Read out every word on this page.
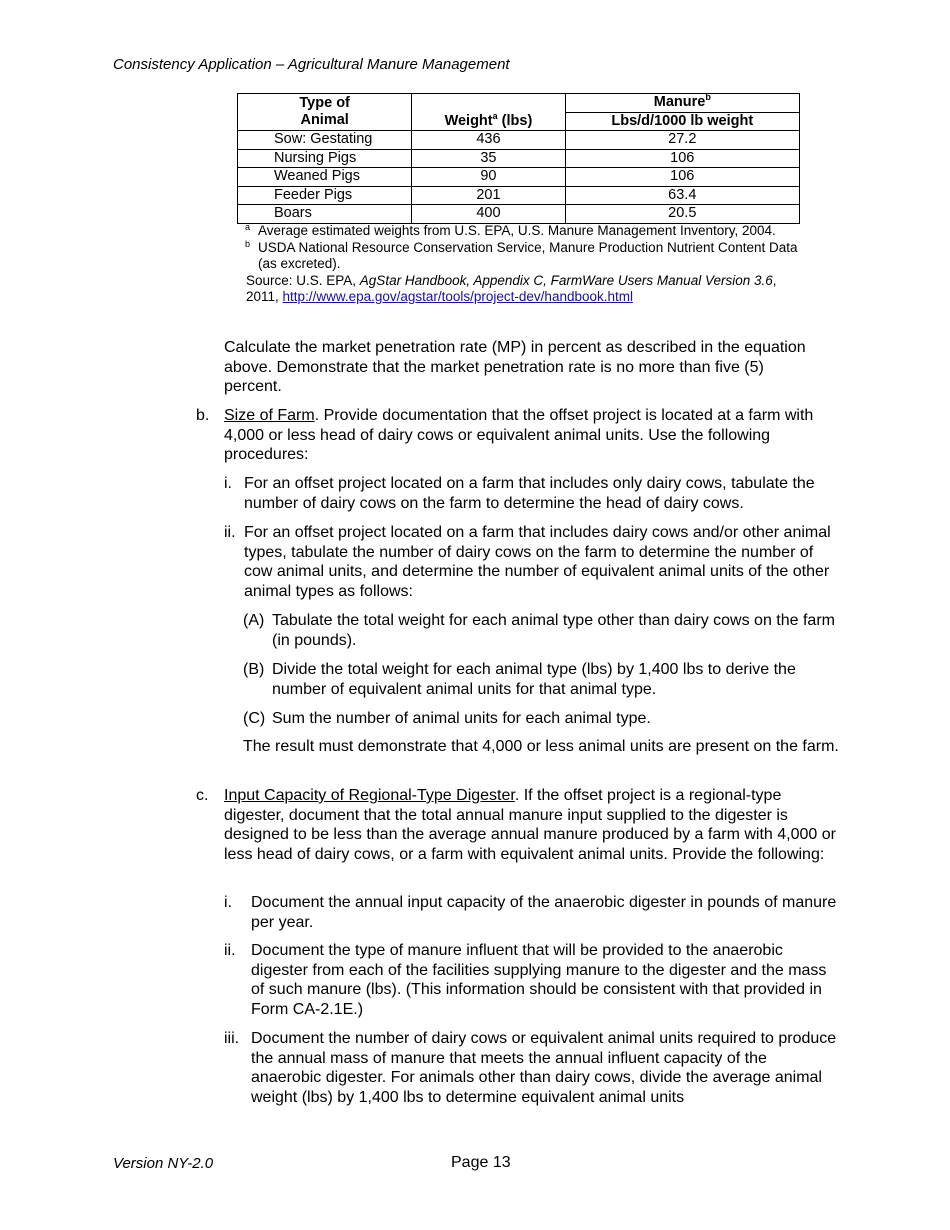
Consistency Application – Agricultural Manure Management
Type of
Animal	Weight$^a$ (lbs)	Manure$^b$
		Lbs/d/1000 lb weight
Sow: Gestating	436	27.2
Nursing Pigs	35	106
Weaned Pigs	90	106
Feeder Pigs	201	63.4
Boars	400	20.5
a Average estimated weights from U.S. EPA, U.S. Manure Management Inventory, 2004.
b USDA National Resource Conservation Service, Manure Production Nutrient Content Data (as excreted).
Source: U.S. EPA, AgStar Handbook, Appendix C, FarmWare Users Manual Version 3.6, 2011, http://www.epa.gov/agstar/tools/project-dev/handbook.html
Calculate the market penetration rate (MP) in percent as described in the equation above. Demonstrate that the market penetration rate is no more than five (5) percent.
b. Size of Farm. Provide documentation that the offset project is located at a farm with 4,000 or less head of dairy cows or equivalent animal units. Use the following procedures:
i. For an offset project located on a farm that includes only dairy cows, tabulate the number of dairy cows on the farm to determine the head of dairy cows.
ii. For an offset project located on a farm that includes dairy cows and/or other animal types, tabulate the number of dairy cows on the farm to determine the number of cow animal units, and determine the number of equivalent animal units of the other animal types as follows:
(A) Tabulate the total weight for each animal type other than dairy cows on the farm (in pounds).
(B) Divide the total weight for each animal type (lbs) by 1,400 lbs to derive the number of equivalent animal units for that animal type.
(C) Sum the number of animal units for each animal type.
The result must demonstrate that 4,000 or less animal units are present on the farm.
c. Input Capacity of Regional-Type Digester. If the offset project is a regional-type digester, document that the total annual manure input supplied to the digester is designed to be less than the average annual manure produced by a farm with 4,000 or less head of dairy cows, or a farm with equivalent animal units. Provide the following:
i. Document the annual input capacity of the anaerobic digester in pounds of manure per year.
ii. Document the type of manure influent that will be provided to the anaerobic digester from each of the facilities supplying manure to the digester and the mass of such manure (lbs). (This information should be consistent with that provided in Form CA-2.1E.)
iii. Document the number of dairy cows or equivalent animal units required to produce the annual mass of manure that meets the annual influent capacity of the anaerobic digester. For animals other than dairy cows, divide the average animal weight (lbs) by 1,400 lbs to determine equivalent animal units
Version NY-2.0	Page 13
